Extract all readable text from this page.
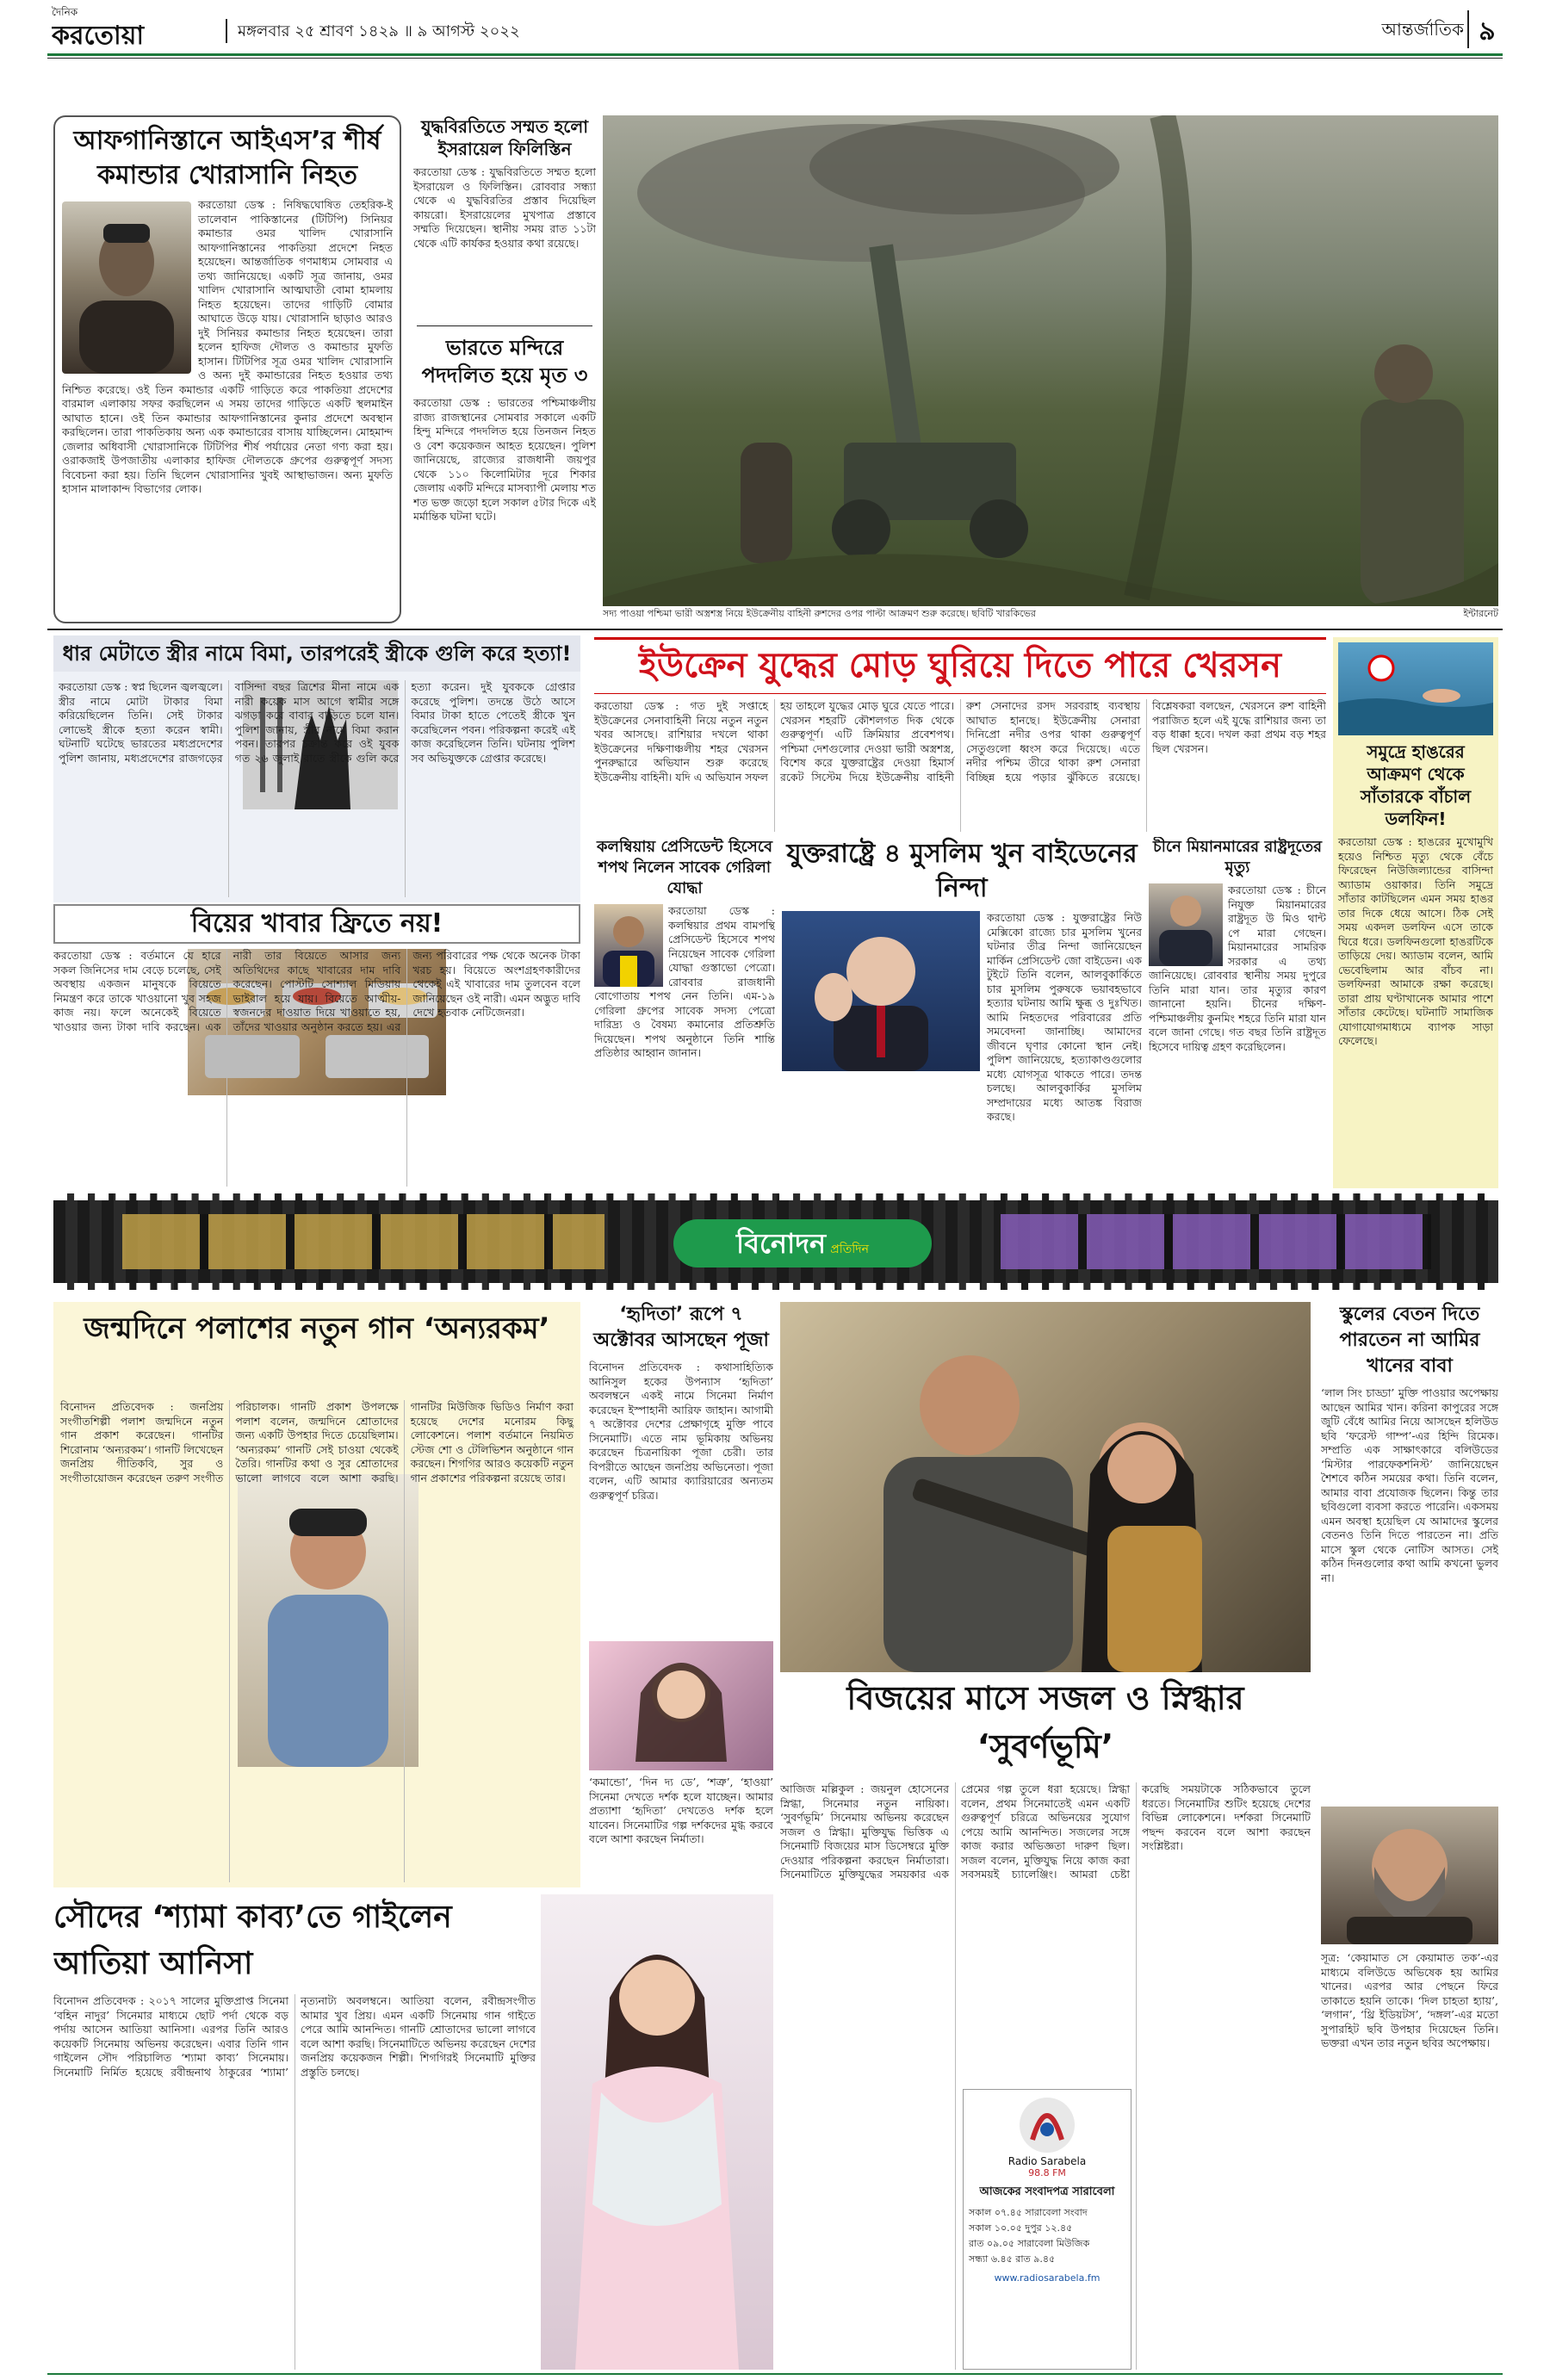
দৈনিক
করতোয়া	মঙ্গলবার ২৫ শ্রাবণ ১৪২৯ ॥ ৯ আগস্ট ২০২২	আন্তর্জাতিক ৯
আফগানিস্তানে আইএস’র শীর্ষ কমান্ডার খোরাসানি নিহত
করতোয়া ডেস্ক : নিষিদ্ধঘোষিত তেহরিক-ই তালেবান পাকিস্তানের (টিটিপি) সিনিয়র কমান্ডার ওমর খালিদ খোরাসানি আফগানিস্তানের পাকতিয়া প্রদেশে নিহত হয়েছেন। আন্তর্জাতিক গণমাধ্যম সোমবার এ তথ্য জানিয়েছে। একটি সূত্র জানায়, ওমর খালিদ খোরাসানি আত্মঘাতী বোমা হামলায় নিহত হয়েছেন। তাদের গাড়িটি বোমার আঘাতে উড়ে যায়। খোরাসানি ছাড়াও আরও দুই সিনিয়র কমান্ডার নিহত হয়েছেন। তারা হলেন হাফিজ দৌলত ও কমান্ডার মুফতি হাসান। টিটিপির সূত্র ওমর খালিদ খোরাসানি ও অন্য দুই কমান্ডারের নিহত হওয়ার তথ্য নিশ্চিত করেছে। ওই তিন কমান্ডার একটি গাড়িতে করে পাকতিয়া প্রদেশের বারমাল এলাকায় সফর করছিলেন এ সময় তাদের গাড়িতে একটি স্থলমাইন আঘাত হানে। ওই তিন কমান্ডার আফগানিস্তানের কুনার প্রদেশে অবস্থান করছিলেন। তারা পাকতিকায় অন্য এক কমান্ডারের বাসায় যাচ্ছিলেন। মোহমান্দ জেলার অধিবাসী খোরাসানিকে টিটিপির শীর্ষ পর্যায়ের নেতা গণ্য করা হয়। ওরাকজাই উপজাতীয় এলাকার হাফিজ দৌলতকে গ্রুপের গুরুত্বপূর্ণ সদস্য বিবেচনা করা হয়। তিনি ছিলেন খোরাসানির খুবই আস্থাভাজন। অন্য মুফতি হাসান মালাকান্দ বিভাগের লোক।
যুদ্ধবিরতিতে সম্মত হলো ইসরায়েল ফিলিস্তিন
করতোয়া ডেস্ক : যুদ্ধবিরতিতে সম্মত হলো ইসরায়েল ও ফিলিস্তিন। রোববার সন্ধ্যা থেকে এ যুদ্ধবিরতির প্রস্তাব দিয়েছিল কায়রো। ইসরায়েলের মুখপাত্র প্রস্তাবে সম্মতি দিয়েছেন। স্থানীয় সময় রাত ১১টা থেকে এটি কার্যকর হওয়ার কথা রয়েছে।
ভারতে মন্দিরে পদদলিত হয়ে মৃত ৩
করতোয়া ডেস্ক : ভারতের পশ্চিমাঞ্চলীয় রাজ্য রাজস্থানের সোমবার সকালে একটি হিন্দু মন্দিরে পদদলিত হয়ে তিনজন নিহত ও বেশ কয়েকজন আহত হয়েছেন। পুলিশ জানিয়েছে, রাজ্যের রাজধানী জয়পুর থেকে ১১০ কিলোমিটার দূরে শিকার জেলায় একটি মন্দিরে মাসব্যাপী মেলায় শত শত ভক্ত জড়ো হলে সকাল ৫টার দিকে এই মর্মান্তিক ঘটনা ঘটে।
সদ্য পাওয়া পশ্চিমা ভারী অস্ত্রশস্ত্র নিয়ে ইউক্রেনীয় বাহিনী রুশদের ওপর পাল্টা আক্রমণ শুরু করেছে। ছবিটি খারকিভের	ইন্টারনেট
ধার মেটাতে স্ত্রীর নামে বিমা, তারপরেই স্ত্রীকে গুলি করে হত্যা!
করতোয়া ডেস্ক : স্বপ্ন ছিলেন জ্বলজ্বলে। স্ত্রীর নামে মোটা টাকার বিমা করিয়েছিলেন তিনি। সেই টাকার লোভেই স্ত্রীকে হত্যা করেন স্বামী। ঘটনাটি ঘটেছে ভারতের মধ্যপ্রদেশের পুলিশ জানায়, মধ্যপ্রদেশের রাজগড়ের বাসিন্দা বছর ত্রিশের মীনা নামে এক নারী কয়েক মাস আগে স্বামীর সঙ্গে ঝগড়া করে বাবার বাড়িতে চলে যান। পুলিশ জানায়, স্ত্রীর নামে বিমা করান পবন। তারপর চক্রান্ত করে ওই যুবক গত ২৬ জুলাই রাতে স্ত্রীকে গুলি করে হত্যা করেন। দুই যুবককে গ্রেপ্তার করেছে পুলিশ। তদন্তে উঠে আসে বিমার টাকা হাতে পেতেই স্ত্রীকে খুন করেছিলেন পবন। পরিকল্পনা করেই এই কাজ করেছিলেন তিনি। ঘটনায় পুলিশ সব অভিযুক্তকে গ্রেপ্তার করেছে।
বিয়ের খাবার ফ্রিতে নয়!
করতোয়া ডেস্ক : বর্তমানে যে হারে সকল জিনিসের দাম বেড়ে চলেছে, সেই অবস্থায় একজন মানুষকে বিয়েতে নিমন্ত্রণ করে তাকে খাওয়ানো খুব সহজ কাজ নয়। ফলে অনেকেই বিয়েতে খাওয়ার জন্য টাকা দাবি করছেন। এক নারী তার বিয়েতে আসার জন্য অতিথিদের কাছে খাবারের দাম দাবি করেছেন। পোস্টটি সোশ্যাল মিডিয়ায় ভাইরাল হয়ে যায়। বিয়েতে আত্মীয়-স্বজনদের দাওয়াত দিয়ে খাওয়াতে হয়, তাঁদের খাওয়ার অনুষ্ঠান করতে হয়। এর জন্য পরিবারের পক্ষ থেকে অনেক টাকা খরচ হয়। বিয়েতে অংশগ্রহণকারীদের থেকেই এই খাবারের দাম তুলবেন বলে জানিয়েছেন ওই নারী। এমন অদ্ভুত দাবি দেখে হতবাক নেটিজেনরা।
ইউক্রেন যুদ্ধের মোড় ঘুরিয়ে দিতে পারে খেরসন
করতোয়া ডেস্ক : গত দুই সপ্তাহে ইউক্রেনের সেনাবাহিনী নিয়ে নতুন নতুন খবর আসছে। রাশিয়ার দখলে থাকা ইউক্রেনের দক্ষিণাঞ্চলীয় শহর খেরসন পুনরুদ্ধারে অভিযান শুরু করেছে ইউক্রেনীয় বাহিনী। যদি এ অভিযান সফল হয় তাহলে যুদ্ধের মোড় ঘুরে যেতে পারে। খেরসন শহরটি কৌশলগত দিক থেকে গুরুত্বপূর্ণ। এটি ক্রিমিয়ার প্রবেশপথ। পশ্চিমা দেশগুলোর দেওয়া ভারী অস্ত্রশস্ত্র, বিশেষ করে যুক্তরাষ্ট্রের দেওয়া হিমার্স রকেট সিস্টেম দিয়ে ইউক্রেনীয় বাহিনী রুশ সেনাদের রসদ সরবরাহ ব্যবস্থায় আঘাত হানছে। ইউক্রেনীয় সেনারা দিনিপ্রো নদীর ওপর থাকা গুরুত্বপূর্ণ সেতুগুলো ধ্বংস করে দিয়েছে। এতে নদীর পশ্চিম তীরে থাকা রুশ সেনারা বিচ্ছিন্ন হয়ে পড়ার ঝুঁকিতে রয়েছে। বিশ্লেষকরা বলছেন, খেরসনে রুশ বাহিনী পরাজিত হলে এই যুদ্ধে রাশিয়ার জন্য তা বড় ধাক্কা হবে। দখল করা প্রথম বড় শহর ছিল খেরসন।	সমুদ্রে হাঙরের আক্রমণ থেকে সাঁতারকে বাঁচাল ডলফিন!
করতোয়া ডেস্ক : হাঙরের মুখোমুখি হয়েও নিশ্চিত মৃত্যু থেকে বেঁচে ফিরেছেন নিউজিল্যান্ডের বাসিন্দা অ্যাডাম ওয়াকার। তিনি সমুদ্রে সাঁতার কাটছিলেন এমন সময় হাঙর তার দিকে ধেয়ে আসে। ঠিক সেই সময় একদল ডলফিন এসে তাকে ঘিরে ধরে। ডলফিনগুলো হাঙরটিকে তাড়িয়ে দেয়। অ্যাডাম বলেন, আমি ভেবেছিলাম আর বাঁচব না। ডলফিনরা আমাকে রক্ষা করেছে। তারা প্রায় ঘণ্টাখানেক আমার পাশে সাঁতার কেটেছে। ঘটনাটি সামাজিক যোগাযোগমাধ্যমে ব্যাপক সাড়া ফেলেছে।
কলম্বিয়ায় প্রেসিডেন্ট হিসেবে শপথ নিলেন সাবেক গেরিলা যোদ্ধা
করতোয়া ডেস্ক : কলম্বিয়ার প্রথম বামপন্থি প্রেসিডেন্ট হিসেবে শপথ নিয়েছেন সাবেক গেরিলা যোদ্ধা গুস্তাভো পেত্রো। রোববার রাজধানী বোগোতায় শপথ নেন তিনি। এম-১৯ গেরিলা গ্রুপের সাবেক সদস্য পেত্রো দারিদ্র্য ও বৈষম্য কমানোর প্রতিশ্রুতি দিয়েছেন। শপথ অনুষ্ঠানে তিনি শান্তি প্রতিষ্ঠার আহ্বান জানান।
যুক্তরাষ্ট্রে ৪ মুসলিম খুন বাইডেনের নিন্দা
করতোয়া ডেস্ক : যুক্তরাষ্ট্রের নিউ মেক্সিকো রাজ্যে চার মুসলিম খুনের ঘটনার তীব্র নিন্দা জানিয়েছেন মার্কিন প্রেসিডেন্ট জো বাইডেন। এক টুইটে তিনি বলেন, আলবুকার্কিতে চার মুসলিম পুরুষকে ভয়াবহভাবে হত্যার ঘটনায় আমি ক্ষুব্ধ ও দুঃখিত। আমি নিহতদের পরিবারের প্রতি সমবেদনা জানাচ্ছি। আমাদের জীবনে ঘৃণার কোনো স্থান নেই। পুলিশ জানিয়েছে, হত্যাকাণ্ডগুলোর মধ্যে যোগসূত্র থাকতে পারে। তদন্ত চলছে। আলবুকার্কির মুসলিম সম্প্রদায়ের মধ্যে আতঙ্ক বিরাজ করছে।
চীনে মিয়ানমারের রাষ্ট্রদূতের মৃত্যু
করতোয়া ডেস্ক : চীনে নিযুক্ত মিয়ানমারের রাষ্ট্রদূত উ মিও থান্ট পে মারা গেছেন। মিয়ানমারের সামরিক সরকার এ তথ্য জানিয়েছে। রোববার স্থানীয় সময় দুপুরে তিনি মারা যান। তার মৃত্যুর কারণ জানানো হয়নি। চীনের দক্ষিণ-পশ্চিমাঞ্চলীয় কুনমিং শহরে তিনি মারা যান বলে জানা গেছে। গত বছর তিনি রাষ্ট্রদূত হিসেবে দায়িত্ব গ্রহণ করেছিলেন।
বিনোদন প্রতিদিন
জন্মদিনে পলাশের নতুন গান ‘অন্যরকম’
বিনোদন প্রতিবেদক : জনপ্রিয় সংগীতশিল্পী পলাশ জন্মদিনে নতুন গান প্রকাশ করেছেন। গানটির শিরোনাম ‘অন্যরকম’। গানটি লিখেছেন জনপ্রিয় গীতিকবি, সুর ও সংগীতায়োজন করেছেন তরুণ সংগীত পরিচালক। গানটি প্রকাশ উপলক্ষে পলাশ বলেন, জন্মদিনে শ্রোতাদের জন্য একটি উপহার দিতে চেয়েছিলাম। ‘অন্যরকম’ গানটি সেই চাওয়া থেকেই তৈরি। গানটির কথা ও সুর শ্রোতাদের ভালো লাগবে বলে আশা করছি। গানটির মিউজিক ভিডিও নির্মাণ করা হয়েছে দেশের মনোরম কিছু লোকেশনে। পলাশ বর্তমানে নিয়মিত স্টেজ শো ও টেলিভিশন অনুষ্ঠানে গান করছেন। শিগগির আরও কয়েকটি নতুন গান প্রকাশের পরিকল্পনা রয়েছে তার।
‘হৃদিতা’ রূপে ৭ অক্টোবর আসছেন পূজা
বিনোদন প্রতিবেদক : কথাসাহিত্যিক আনিসুল হকের উপন্যাস ‘হৃদিতা’ অবলম্বনে একই নামে সিনেমা নির্মাণ করেছেন ইস্পাহানী আরিফ জাহান। আগামী ৭ অক্টোবর দেশের প্রেক্ষাগৃহে মুক্তি পাবে সিনেমাটি। এতে নাম ভূমিকায় অভিনয় করেছেন চিত্রনায়িকা পূজা চেরী। তার বিপরীতে আছেন জনপ্রিয় অভিনেতা। পূজা বলেন, এটি আমার ক্যারিয়ারের অন্যতম গুরুত্বপূর্ণ চরিত্র।
‘কমান্ডো’, ‘দিন দ্য ডে’, ‘শত্রু’, ‘হাওয়া’ সিনেমা দেখতে দর্শক হলে যাচ্ছেন। আমার প্রত্যাশা ‘হৃদিতা’ দেখতেও দর্শক হলে যাবেন। সিনেমাটির গল্প দর্শকদের মুগ্ধ করবে বলে আশা করছেন নির্মাতা।
বিজয়ের মাসে সজল ও স্নিগ্ধার ‘সুবর্ণভূমি’
স্কুলের বেতন দিতে পারতেন না আমির খানের বাবা
‘লাল সিং চাড্ডা’ মুক্তি পাওয়ার অপেক্ষায় আছেন আমির খান। করিনা কাপুরের সঙ্গে জুটি বেঁধে আমির নিয়ে আসছেন হলিউড ছবি ‘ফরেস্ট গাম্প’-এর হিন্দি রিমেক। সম্প্রতি এক সাক্ষাৎকারে বলিউডের ‘মিস্টার পারফেকশনিস্ট’ জানিয়েছেন শৈশবে কঠিন সময়ের কথা। তিনি বলেন, আমার বাবা প্রযোজক ছিলেন। কিন্তু তার ছবিগুলো ব্যবসা করতে পারেনি। একসময় এমন অবস্থা হয়েছিল যে আমাদের স্কুলের বেতনও তিনি দিতে পারতেন না। প্রতি মাসে স্কুল থেকে নোটিস আসত। সেই কঠিন দিনগুলোর কথা আমি কখনো ভুলব না।
সূত্র: ‘কেয়ামাত সে কেয়ামাত তক’-এর মাধ্যমে বলিউডে অভিষেক হয় আমির খানের। এরপর আর পেছনে ফিরে তাকাতে হয়নি তাকে। ‘দিল চাহতা হ্যায়’, ‘লগান’, ‘থ্রি ইডিয়টস’, ‘দঙ্গল’-এর মতো সুপারহিট ছবি উপহার দিয়েছেন তিনি। ভক্তরা এখন তার নতুন ছবির অপেক্ষায়।
আজিজ মল্লিকুল : জয়নুল হোসেনের স্নিগ্ধা, সিনেমার নতুন নায়িকা। ‘সুবর্ণভূমি’ সিনেমায় অভিনয় করেছেন সজল ও স্নিগ্ধা। মুক্তিযুদ্ধ ভিত্তিক এ সিনেমাটি বিজয়ের মাস ডিসেম্বরে মুক্তি দেওয়ার পরিকল্পনা করছেন নির্মাতারা। সিনেমাটিতে মুক্তিযুদ্ধের সময়কার এক প্রেমের গল্প তুলে ধরা হয়েছে। স্নিগ্ধা বলেন, প্রথম সিনেমাতেই এমন একটি গুরুত্বপূর্ণ চরিত্রে অভিনয়ের সুযোগ পেয়ে আমি আনন্দিত। সজলের সঙ্গে কাজ করার অভিজ্ঞতা দারুণ ছিল। সজল বলেন, মুক্তিযুদ্ধ নিয়ে কাজ করা সবসময়ই চ্যালেঞ্জিং। আমরা চেষ্টা করেছি সময়টাকে সঠিকভাবে তুলে ধরতে। সিনেমাটির শুটিং হয়েছে দেশের বিভিন্ন লোকেশনে। দর্শকরা সিনেমাটি পছন্দ করবেন বলে আশা করছেন সংশ্লিষ্টরা।
Radio Sarabela
98.8 FM
আজকের সংবাদপত্র সারাবেলা
সকাল ০৭.৪৫ সারাবেলা সংবাদ
সকাল ১০.০৫ দুপুর ১২.৪৫
রাত ০৯.০৫ সারাবেলা মিউজিক
সন্ধ্যা ৬.৪৫ রাত ৯.৪৫
www.radiosarabela.fm
সৌদের ‘শ্যামা কাব্য’তে গাইলেন আতিয়া আনিসা
বিনোদন প্রতিবেদক : ২০১৭ সালের মুক্তিপ্রাপ্ত সিনেমা ‘বহিন নাদুর’ সিনেমার মাধ্যমে ছোট পর্দা থেকে বড় পর্দায় আসেন আতিয়া আনিসা। এরপর তিনি আরও কয়েকটি সিনেমায় অভিনয় করেছেন। এবার তিনি গান গাইলেন সৌদ পরিচালিত ‘শ্যামা কাব্য’ সিনেমায়। সিনেমাটি নির্মিত হয়েছে রবীন্দ্রনাথ ঠাকুরের ‘শ্যামা’ নৃত্যনাট্য অবলম্বনে। আতিয়া বলেন, রবীন্দ্রসংগীত আমার খুব প্রিয়। এমন একটি সিনেমায় গান গাইতে পেরে আমি আনন্দিত। গানটি শ্রোতাদের ভালো লাগবে বলে আশা করছি। সিনেমাটিতে অভিনয় করেছেন দেশের জনপ্রিয় কয়েকজন শিল্পী। শিগগিরই সিনেমাটি মুক্তির প্রস্তুতি চলছে।
